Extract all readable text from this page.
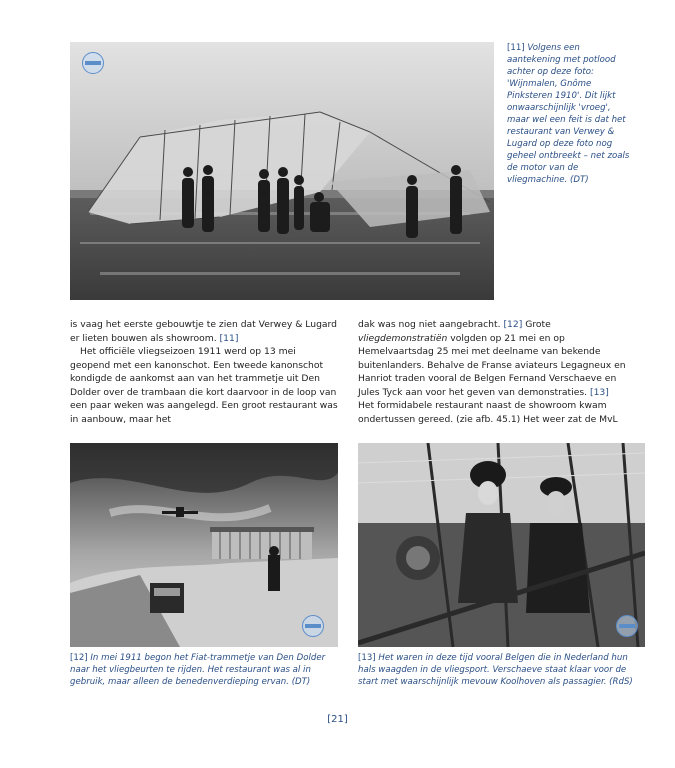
[11] Volgens een aantekening met potlood achter op deze foto: 'Wijnmalen, Gnôme Pinksteren 1910'. Dit lijkt onwaarschijnlijk 'vroeg', maar wel een feit is dat het restaurant van Verwey & Lugard op deze foto nog geheel ontbreekt – net zoals de motor van de vliegmachine. (DT)

is vaag het eerste gebouwtje te zien dat Verwey & Lugard er lieten bouwen als showroom. [11]

Het officiële vliegseizoen 1911 werd op 13 mei geopend met een kanonschot. Een tweede kanonschot kondigde de aankomst aan van het trammetje uit Den Dolder over de trambaan die kort daarvoor in de loop van een paar weken was aangelegd. Een groot restaurant was in aanbouw, maar het

dak was nog niet aangebracht. [12] Grote vliegdemonstratiën volgden op 21 mei en op Hemelvaartsdag 25 mei met deelname van bekende buitenlanders. Behalve de Franse aviateurs Legagneux en Hanriot traden vooral de Belgen Fernand Verschaeve en Jules Tyck aan voor het geven van demonstraties. [13] Het formidabele restaurant naast de showroom kwam ondertussen gereed. (zie afb. 45.1) Het weer zat de MvL

[12] In mei 1911 begon het Fiat-trammetje van Den Dolder naar het vliegbeurten te rijden. Het restaurant was al in gebruik, maar alleen de benedenverdieping ervan. (DT)
[13] Het waren in deze tijd vooral Belgen die in Nederland hun hals waagden in de vliegsport. Verschaeve staat klaar voor de start met waarschijnlijk mevouw Koolhoven als passagier. (RdS)
[21]
